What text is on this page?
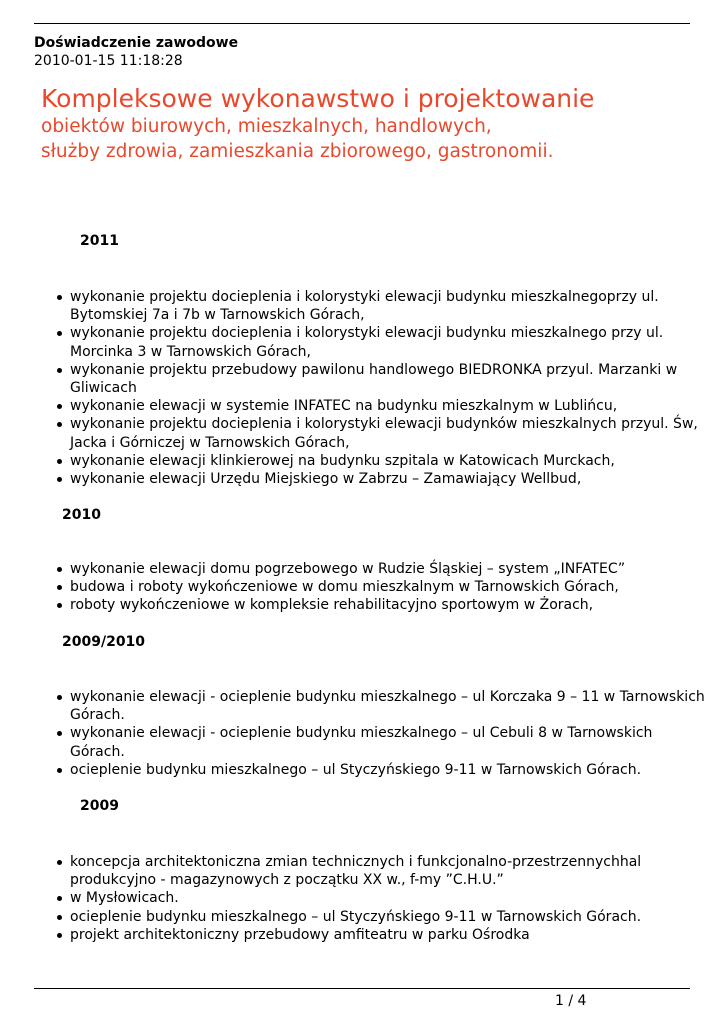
Doświadczenie zawodowe
2010-01-15 11:18:28
Kompleksowe wykonawstwo i projektowanie
obiektów biurowych, mieszkalnych, handlowych,
służby zdrowia, zamieszkania zbiorowego, gastronomii.
2011
wykonanie projektu docieplenia i kolorystyki elewacji budynku mieszkalnegoprzy ul. Bytomskiej 7a i 7b w Tarnowskich Górach,
wykonanie projektu docieplenia i kolorystyki elewacji budynku mieszkalnego przy ul. Morcinka 3 w Tarnowskich Górach,
wykonanie projektu przebudowy pawilonu handlowego BIEDRONKA przyul. Marzanki w Gliwicach
wykonanie elewacji w systemie INFATEC na budynku mieszkalnym w Lublińcu,
wykonanie projektu docieplenia i kolorystyki elewacji budynków mieszkalnych przyul. Św, Jacka i Górniczej w Tarnowskich Górach,
wykonanie elewacji klinkierowej na budynku szpitala w Katowicach Murckach,
wykonanie elewacji Urzędu Miejskiego w Zabrzu – Zamawiający Wellbud,
2010
wykonanie elewacji domu pogrzebowego w Rudzie Śląskiej – system „INFATEC”
budowa i roboty wykończeniowe w domu mieszkalnym w Tarnowskich Górach,
roboty wykończeniowe w kompleksie rehabilitacyjno sportowym w Żorach,
2009/2010
wykonanie elewacji - ocieplenie budynku mieszkalnego – ul Korczaka 9 – 11 w Tarnowskich Górach.
wykonanie elewacji - ocieplenie budynku mieszkalnego – ul Cebuli 8 w Tarnowskich Górach.
ocieplenie budynku mieszkalnego – ul Styczyńskiego 9-11 w Tarnowskich Górach.
2009
koncepcja architektoniczna zmian technicznych i funkcjonalno-przestrzennychhal produkcyjno - magazynowych z początku XX w., f-my ”C.H.U.”
w Mysłowicach.
ocieplenie budynku mieszkalnego – ul Styczyńskiego 9-11 w Tarnowskich Górach.
projekt architektoniczny przebudowy amfiteatru w parku Ośrodka
1 / 4
